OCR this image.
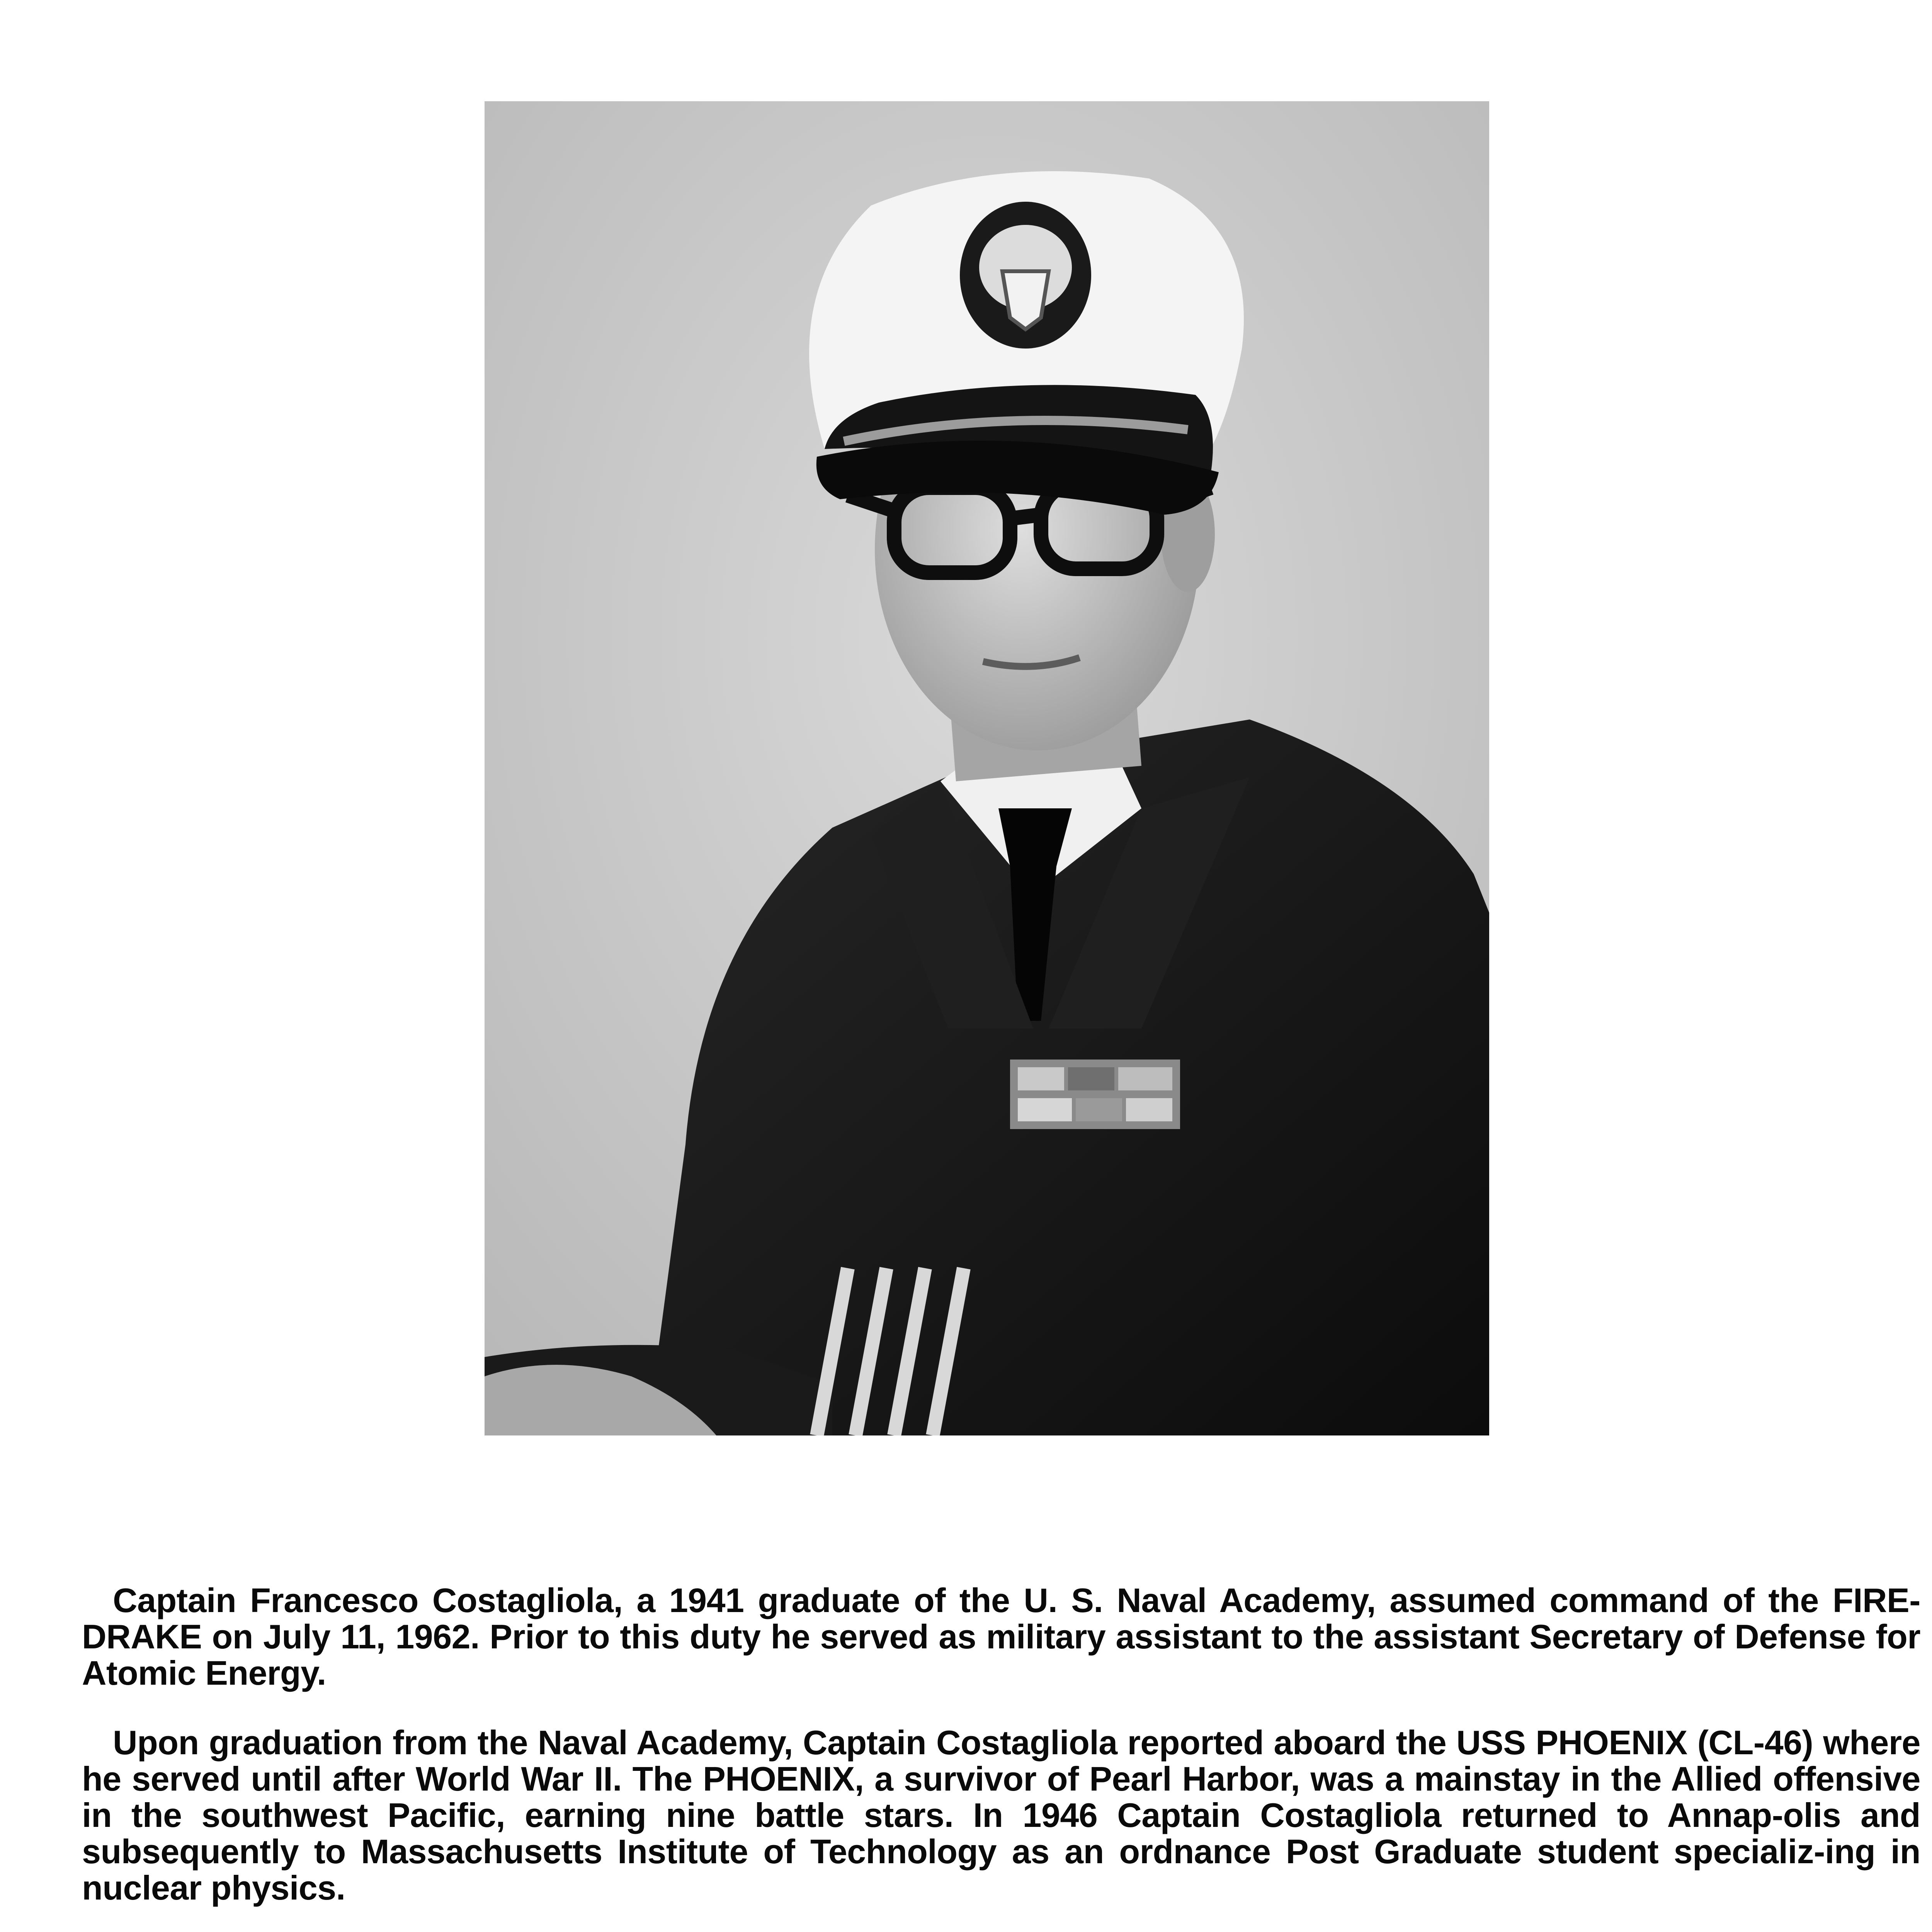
Captain Francesco Costagliola, a 1941 graduate of the U. S. Naval Academy, assumed command of the FIRE-DRAKE on July 11, 1962. Prior to this duty he served as military assistant to the assistant Secretary of Defense for Atomic Energy.

Upon graduation from the Naval Academy, Captain Costagliola reported aboard the USS PHOENIX (CL-46) where he served until after World War II. The PHOENIX, a survivor of Pearl Harbor, was a mainstay in the Allied offensive in the southwest Pacific, earning nine battle stars. In 1946 Captain Costagliola returned to Annap-olis and subsequently to Massachusetts Institute of Technology as an ordnance Post Graduate student specializ-ing in nuclear physics.
